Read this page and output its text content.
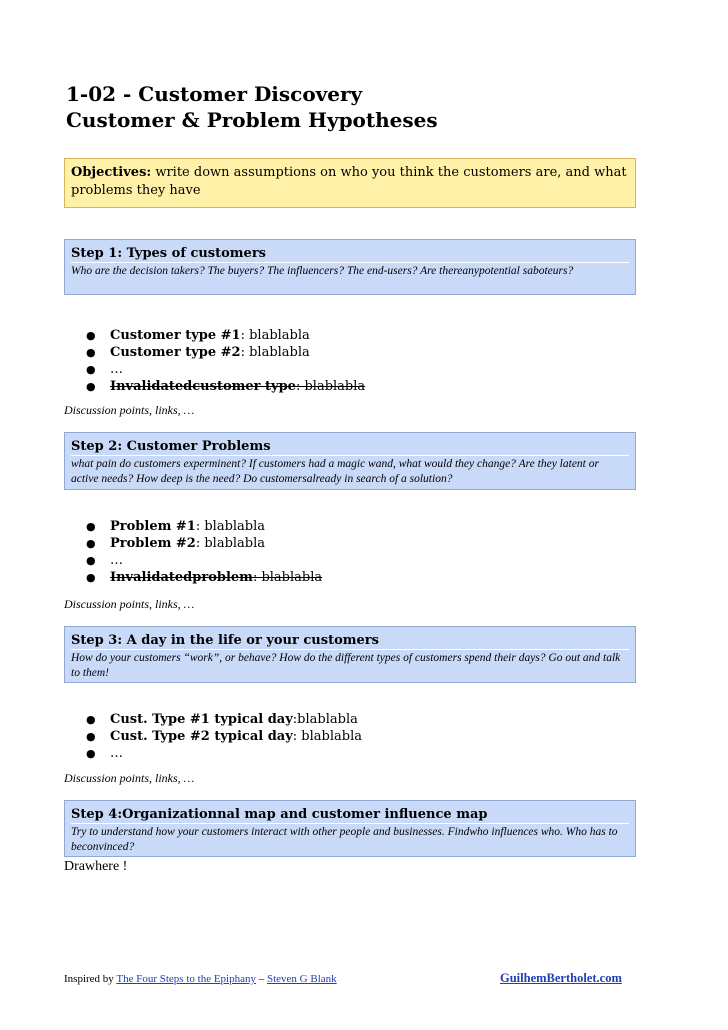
1-02 - Customer Discovery
Customer & Problem Hypotheses
Objectives: write down assumptions on who you think the customers are, and what problems they have
Step 1: Types of customers
Who are the decision takers? The buyers? The influencers? The end-users? Are thereanypotential saboteurs?
● Customer type #1: blablabla
● Customer type #2: blablabla
● …
● Invalidatedcustomer type: blablabla
Discussion points, links, …
Step 2: Customer Problems
what pain do customers experminent? If customers had a magic wand, what would they change? Are they latent or active needs? How deep is the need? Do customersalready in search of a solution?
● Problem #1: blablabla
● Problem #2: blablabla
● …
● Invalidatedproblem: blablabla
Discussion points, links, …
Step 3: A day in the life or your customers
How do your customers “work”, or behave? How do the different types of customers spend their days? Go out and talk to them!
● Cust. Type #1 typical day:blablabla
● Cust. Type #2 typical day: blablabla
● …
Discussion points, links, …
Step 4:Organizationnal map and customer influence map
Try to understand how your customers interact with other people and businesses. Findwho influences who. Who has to beconvinced?
Drawhere !
Inspired by The Four Steps to the Epiphany – Steven G Blank	GuilhemBertholet.com
